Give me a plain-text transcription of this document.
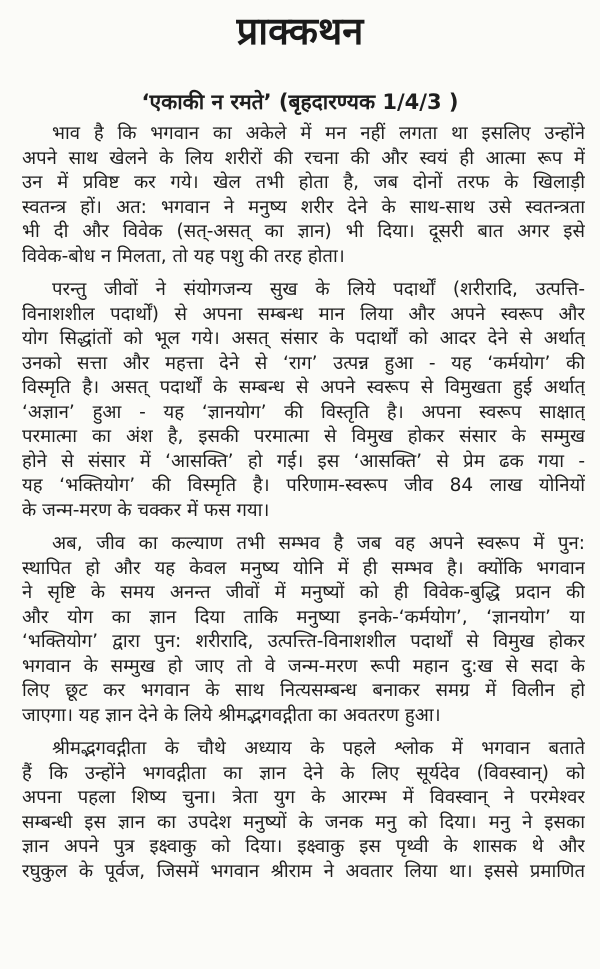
प्राक्कथन
‘एकाकी न रमते’ (बृहदारण्यक 1/4/3 )
भाव है कि भगवान का अकेले में मन नहीं लगता था इसलिए उन्होंने
अपने साथ खेलने के लिय शरीरों की रचना की और स्वयं ही आत्मा रूप में
उन में प्रविष्ट कर गये। खेल तभी होता है, जब दोनों तरफ के खिलाड़ी
स्वतन्त्र हों। अत: भगवान ने मनुष्य शरीर देने के साथ-साथ उसे स्वतन्त्रता
भी दी और विवेक (सत्-असत् का ज्ञान) भी दिया। दूसरी बात अगर इसे
विवेक-बोध न मिलता, तो यह पशु की तरह होता।
परन्तु जीवों ने संयोगजन्य सुख के लिये पदार्थों (शरीरादि, उत्पत्ति-
विनाशशील पदार्थों) से अपना सम्बन्ध मान लिया और अपने स्वरूप और
योग सिद्धांतों को भूल गये। असत् संसार के पदार्थों को आदर देने से अर्थात्
उनको सत्ता और महत्ता देने से ‘राग’ उत्पन्न हुआ - यह ‘कर्मयोग’ की
विस्मृति है। असत् पदार्थों के सम्बन्ध से अपने स्वरूप से विमुखता हुई अर्थात्
‘अज्ञान’ हुआ - यह ‘ज्ञानयोग’ की विस्तृति है। अपना स्वरूप साक्षात्
परमात्मा का अंश है, इसकी परमात्मा से विमुख होकर संसार के सम्मुख
होने से संसार में ‘आसक्ति’ हो गई। इस ‘आसक्ति’ से प्रेम ढक गया -
यह ‘भक्तियोग’ की विस्मृति है। परिणाम-स्वरूप जीव 84 लाख योनियों
के जन्म-मरण के चक्कर में फस गया।
अब, जीव का कल्याण तभी सम्भव है जब वह अपने स्वरूप में पुन:
स्थापित हो और यह केवल मनुष्य योनि में ही सम्भव है। क्योंकि भगवान
ने सृष्टि के समय अनन्त जीवों में मनुष्यों को ही विवेक-बुद्धि प्रदान की
और योग का ज्ञान दिया ताकि मनुष्या इनके-‘कर्मयोग’, ‘ज्ञानयोग’ या
‘भक्तियोग’ द्वारा पुन: शरीरादि, उत्पत्त्ति-विनाशशील पदार्थों से विमुख होकर
भगवान के सम्मुख हो जाए तो वे जन्म-मरण रूपी महान दु:ख से सदा के
लिए छूट कर भगवान के साथ नित्यसम्बन्ध बनाकर समग्र में विलीन हो
जाएगा। यह ज्ञान देने के लिये श्रीमद्भगवद्गीता का अवतरण हुआ।
श्रीमद्भगवद्गीता के चौथे अध्याय के पहले श्लोक में भगवान बताते
हैं कि उन्होंने भगवद्गीता का ज्ञान देने के लिए सूर्यदेव (विवस्वान्) को
अपना पहला शिष्य चुना। त्रेता युग के आरम्भ में विवस्वान् ने परमेश्वर
सम्बन्धी इस ज्ञान का उपदेश मनुष्यों के जनक मनु को दिया। मनु ने इसका
ज्ञान अपने पुत्र इक्ष्वाकु को दिया। इक्ष्वाकु इस पृथ्वी के शासक थे और
रघुकुल के पूर्वज, जिसमें भगवान श्रीराम ने अवतार लिया था। इससे प्रमाणित
